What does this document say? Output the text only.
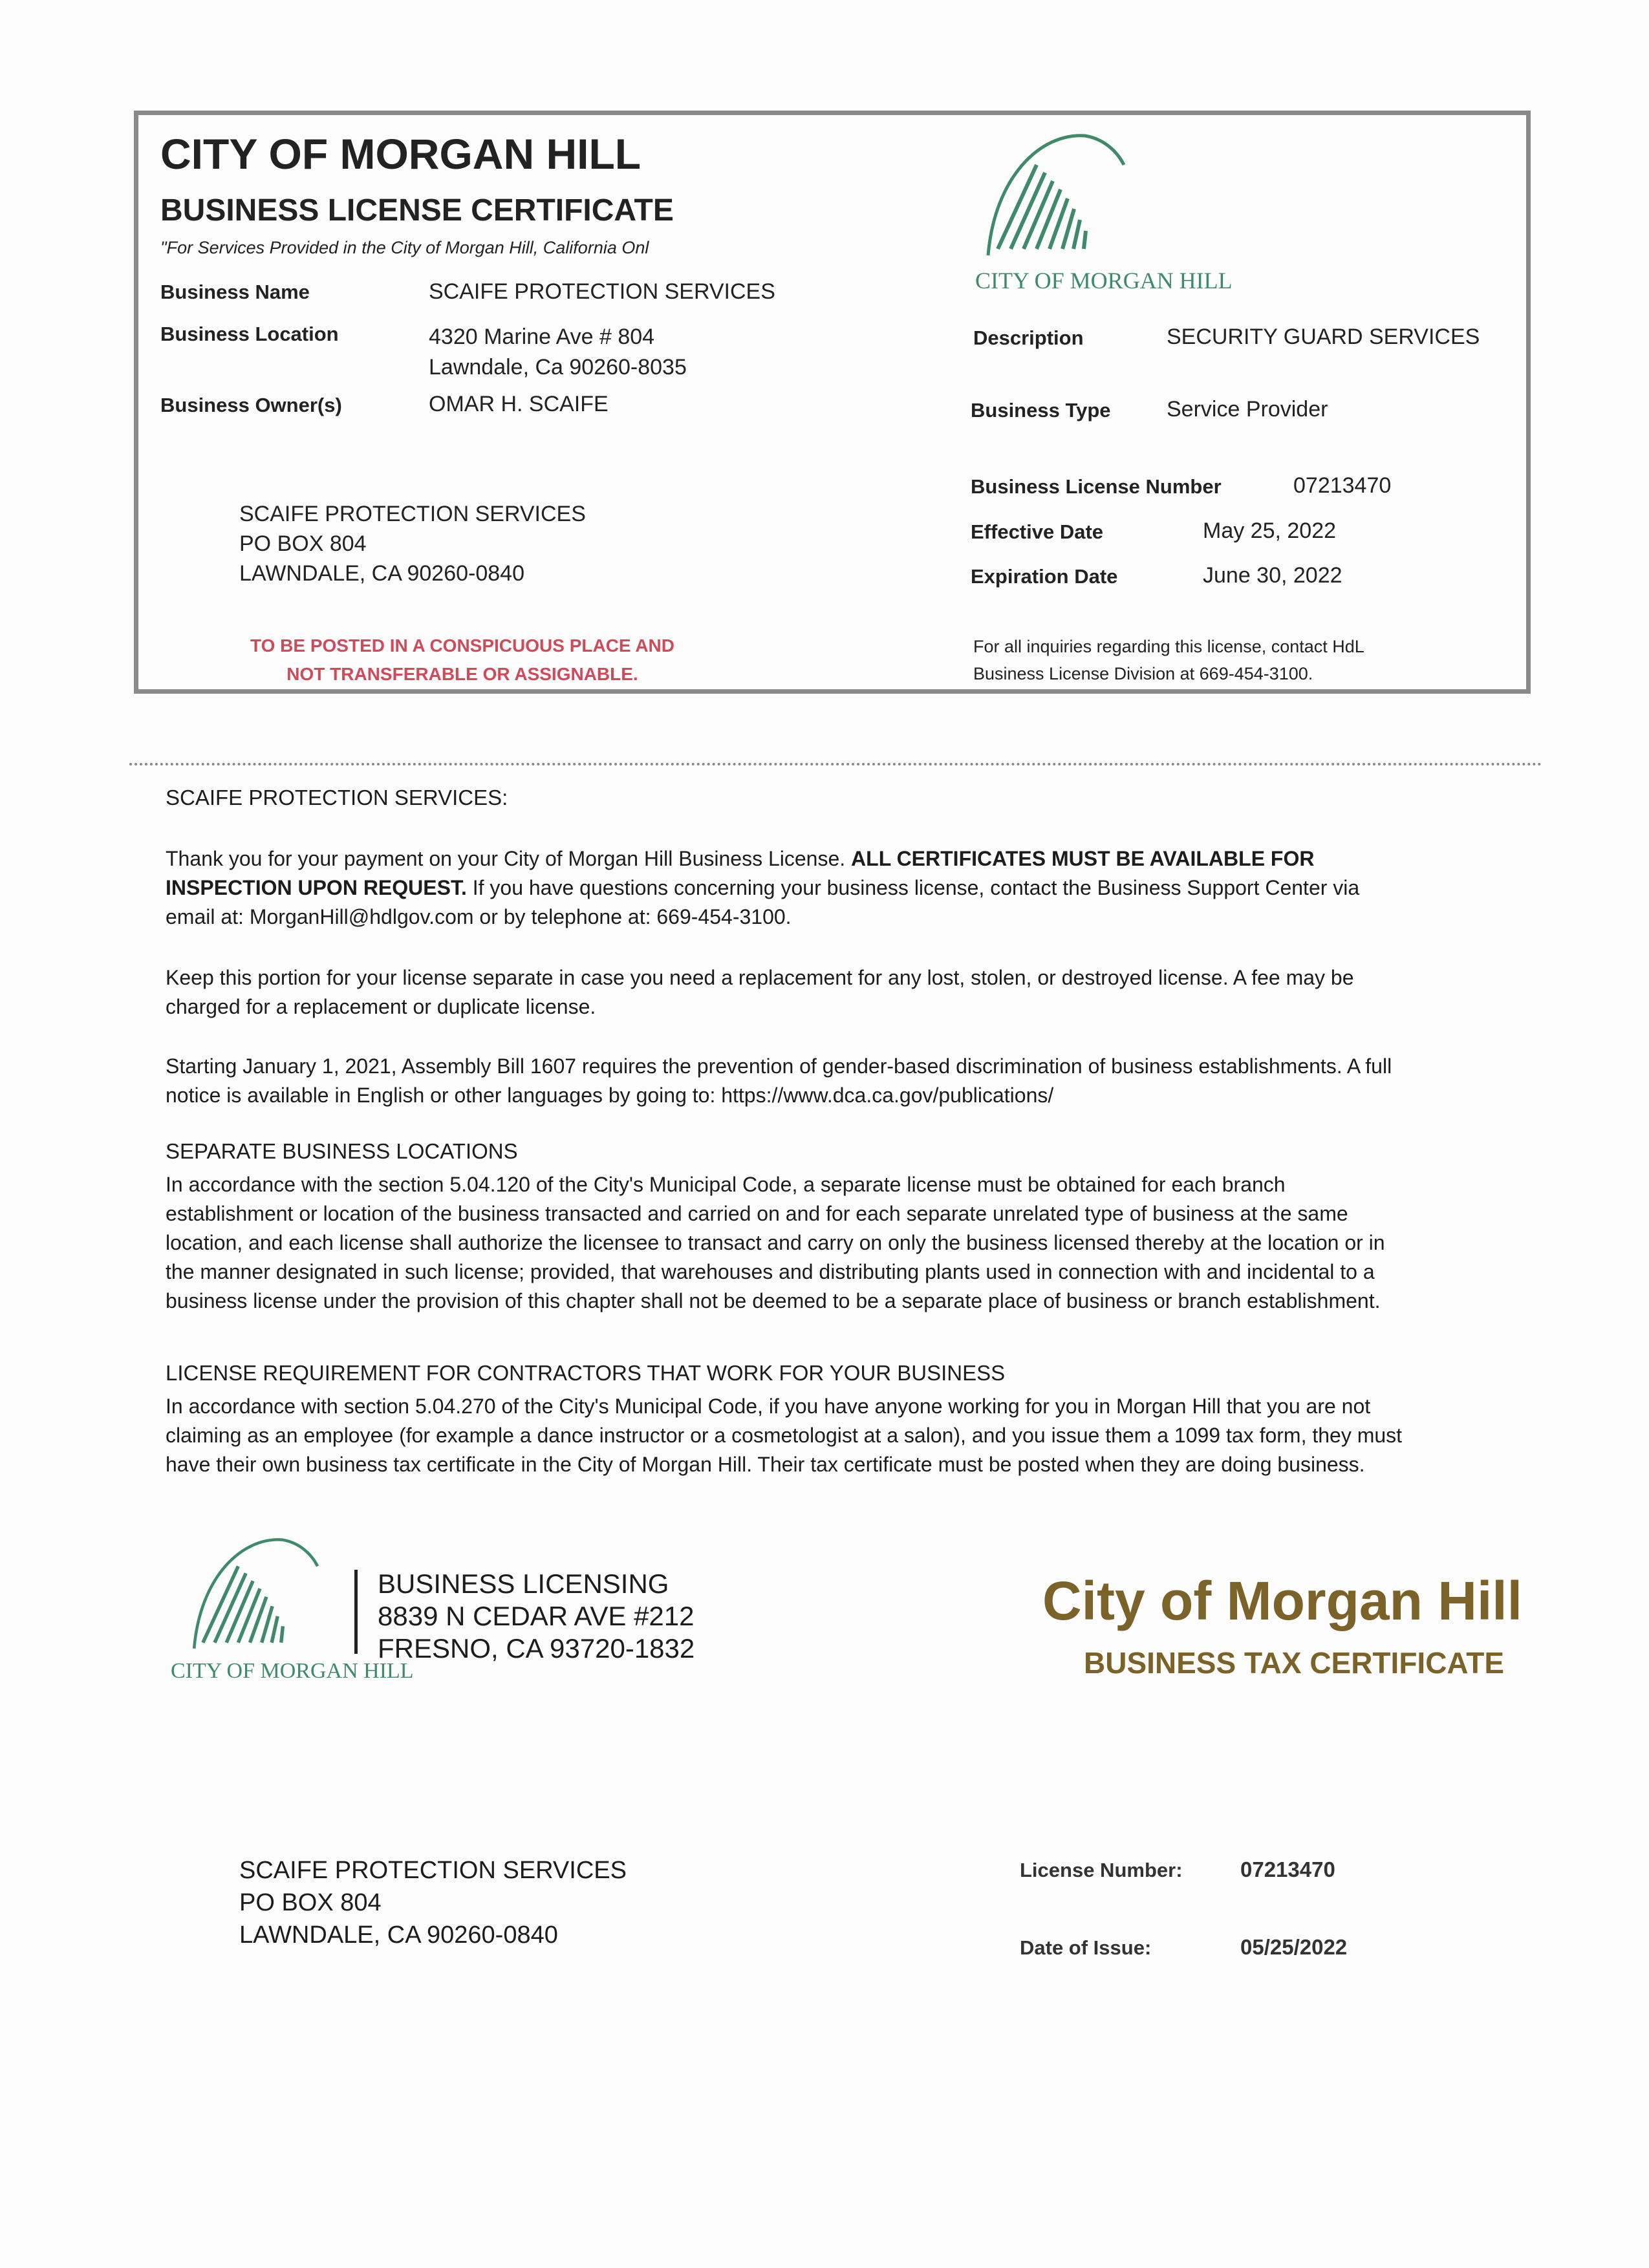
CITY OF MORGAN HILL
BUSINESS LICENSE CERTIFICATE
"For Services Provided in the City of Morgan Hill, California Onl
CITY OF MORGAN HILL
Business Name	SCAIFE PROTECTION SERVICES
Business Location	4320 Marine Ave # 804
Lawndale, Ca 90260-8035
Business Owner(s)	OMAR H. SCAIFE
Description	SECURITY GUARD SERVICES
Business Type	Service Provider
Business License Number	07213470
Effective Date	May 25, 2022
Expiration Date	June 30, 2022
SCAIFE PROTECTION SERVICES
PO BOX 804
LAWNDALE, CA 90260-0840
TO BE POSTED IN A CONSPICUOUS PLACE AND
NOT TRANSFERABLE OR ASSIGNABLE.
For all inquiries regarding this license, contact HdL
Business License Division at 669-454-3100.
SCAIFE PROTECTION SERVICES:
Thank you for your payment on your City of Morgan Hill Business License. ALL CERTIFICATES MUST BE AVAILABLE FOR INSPECTION UPON REQUEST. If you have questions concerning your business license, contact the Business Support Center via email at: MorganHill@hdlgov.com or by telephone at: 669-454-3100.
Keep this portion for your license separate in case you need a replacement for any lost, stolen, or destroyed license. A fee may be charged for a replacement or duplicate license.
Starting January 1, 2021, Assembly Bill 1607 requires the prevention of gender-based discrimination of business establishments. A full notice is available in English or other languages by going to: https://www.dca.ca.gov/publications/
SEPARATE BUSINESS LOCATIONS
In accordance with the section 5.04.120 of the City's Municipal Code, a separate license must be obtained for each branch establishment or location of the business transacted and carried on and for each separate unrelated type of business at the same location, and each license shall authorize the licensee to transact and carry on only the business licensed thereby at the location or in the manner designated in such license; provided, that warehouses and distributing plants used in connection with and incidental to a business license under the provision of this chapter shall not be deemed to be a separate place of business or branch establishment.
LICENSE REQUIREMENT FOR CONTRACTORS THAT WORK FOR YOUR BUSINESS
In accordance with section 5.04.270 of the City's Municipal Code, if you have anyone working for you in Morgan Hill that you are not claiming as an employee (for example a dance instructor or a cosmetologist at a salon), and you issue them a 1099 tax form, they must have their own business tax certificate in the City of Morgan Hill. Their tax certificate must be posted when they are doing business.
CITY OF MORGAN HILL
BUSINESS LICENSING
8839 N CEDAR AVE #212
FRESNO, CA 93720-1832
City of Morgan Hill
BUSINESS TAX CERTIFICATE
SCAIFE PROTECTION SERVICES
PO BOX 804
LAWNDALE, CA 90260-0840
License Number:	07213470
Date of Issue:	05/25/2022
